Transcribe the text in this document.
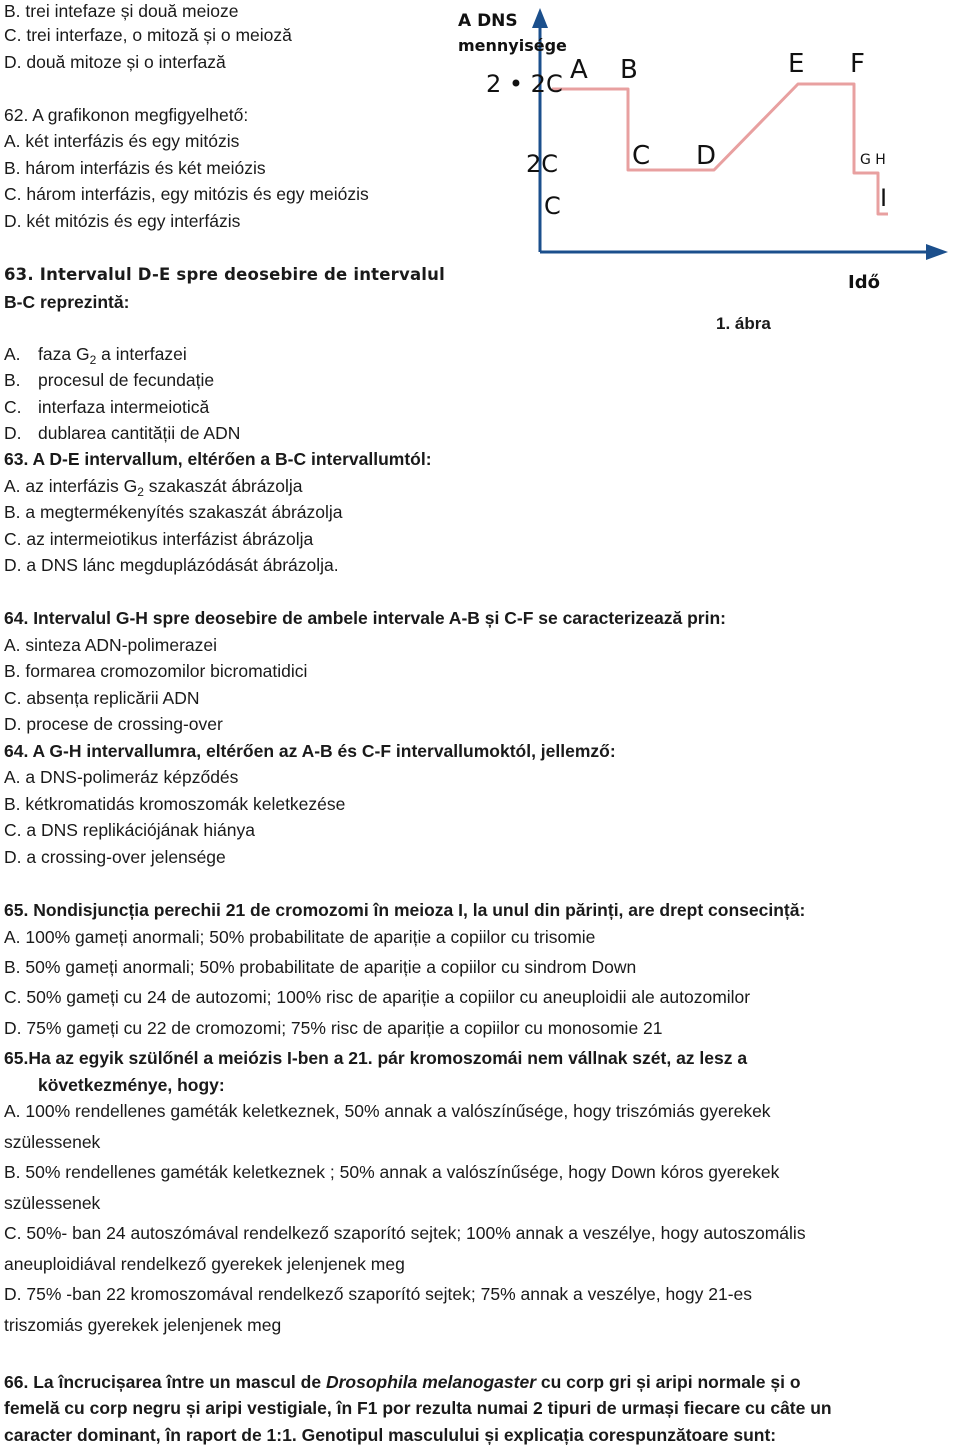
A DNS
mennyisége
Idő
2 • 2C
2C
C
A B
C D
E F
G H
I
1. ábra
B. trei intefaze și două meioze
C. trei interfaze, o mitoză și o meioză
D. două mitoze și o interfază
62. A grafikonon megfigyelhető:
A. két interfázis és egy mitózis
B. három interfázis és két meiózis
C. három interfázis, egy mitózis és egy meiózis
D. két mitózis és egy interfázis
63. Intervalul D-E spre deosebire de intervalul
B-C reprezintă:
A. faza $G_2$ a interfazei
B. procesul de fecundație
C. interfaza intermeiotică
D. dublarea cantității de ADN
63. A D-E intervallum, eltérően a B-C intervallumtól:
A. az interfázis $G_2$ szakaszát ábrázolja
B. a megtermékenyítés szakaszát ábrázolja
C. az intermeiotikus interfázist ábrázolja
D. a DNS lánc megduplázódását ábrázolja.
64. Intervalul G-H spre deosebire de ambele intervale A-B și C-F se caracterizează prin:
A. sinteza ADN-polimerazei
B. formarea cromozomilor bicromatidici
C. absența replicării ADN
D. procese de crossing-over
64. A G-H intervallumra, eltérően az A-B és C-F intervallumoktól, jellemző:
A. a DNS-polimeráz képződés
B. kétkromatidás kromoszomák keletkezése
C. a DNS replikációjának hiánya
D. a crossing-over jelensége
65. Nondisjuncția perechii 21 de cromozomi în meioza I, la unul din părinți, are drept consecință:
A. 100% gameți anormali; 50% probabilitate de apariție a copiilor cu trisomie
B. 50% gameți anormali; 50% probabilitate de apariție a copiilor cu sindrom Down
C. 50% gameți cu 24 de autozomi; 100% risc de apariție a copiilor cu aneuploidii ale autozomilor
D. 75% gameți cu 22 de cromozomi; 75% risc de apariție a copiilor cu monosomie 21
65.Ha az egyik szülőnél a meiózis I-ben a 21. pár kromoszomái nem vállnak szét, az lesz a
következménye, hogy:
A. 100% rendellenes gaméták keletkeznek, 50% annak a valószínűsége, hogy triszómiás gyerekek
szülessenek
B. 50% rendellenes gaméták keletkeznek ; 50% annak a valószínűsége, hogy Down kóros gyerekek
szülessenek
C. 50%- ban 24 autoszómával rendelkező szaporító sejtek; 100% annak a veszélye, hogy autoszomális
aneuploidiával rendelkező gyerekek jelenjenek meg
D. 75% -ban 22 kromoszomával rendelkező szaporító sejtek; 75% annak a veszélye, hogy 21-es
triszomiás gyerekek jelenjenek meg
66. La încrucișarea între un mascul de Drosophila melanogaster cu corp gri și aripi normale și o
femelă cu corp negru și aripi vestigiale, în F1 por rezulta numai 2 tipuri de urmași fiecare cu câte un
caracter dominant, în raport de 1:1. Genotipul masculului și explicația corespunzătoare sunt:
